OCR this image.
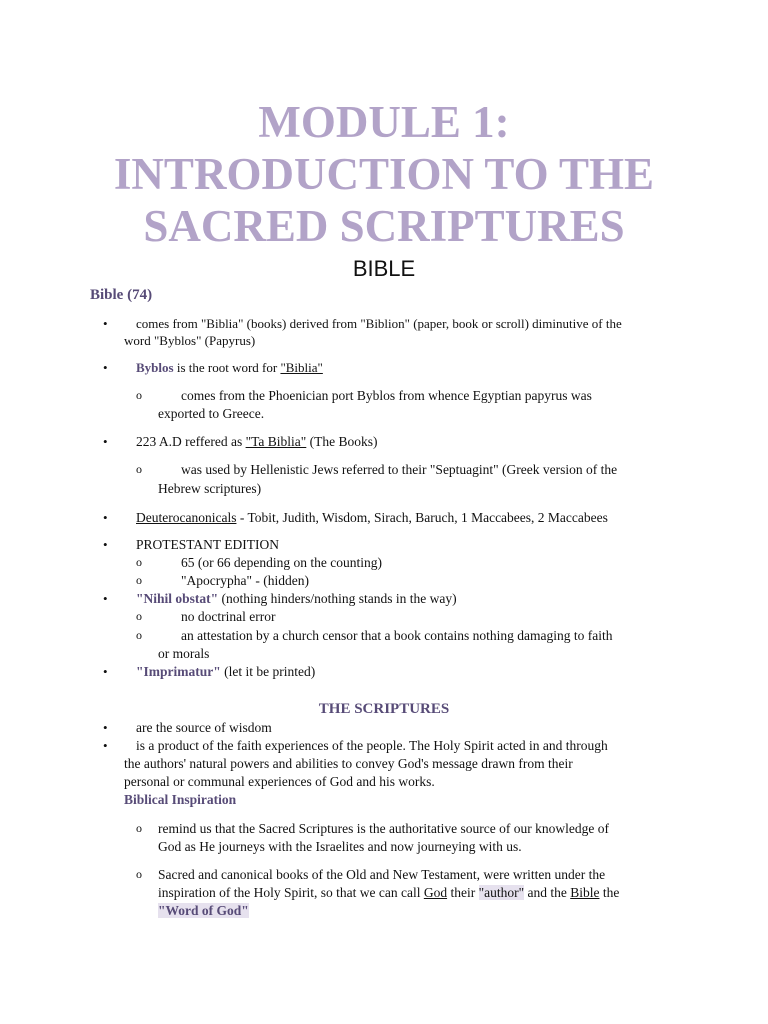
MODULE 1:
INTRODUCTION TO THE
SACRED SCRIPTURES
BIBLE
Bible (74)
• comes from "Biblia" (books) derived from "Biblion" (paper, book or scroll) diminutive of the
word "Byblos" (Papyrus)
• Byblos is the root word for "Biblia"
o	comes from the Phoenician port Byblos from whence Egyptian papyrus was
exported to Greece.
• 223 A.D reffered as "Ta Biblia" (The Books)
o	was used by Hellenistic Jews referred to their "Septuagint" (Greek version of the
Hebrew scriptures)
• Deuterocanonicals - Tobit, Judith, Wisdom, Sirach, Baruch, 1 Maccabees, 2 Maccabees
• PROTESTANT EDITION
o	65 (or 66 depending on the counting)
o	"Apocrypha" - (hidden)
• "Nihil obstat" (nothing hinders/nothing stands in the way)
o	no doctrinal error
o	an attestation by a church censor that a book contains nothing damaging to faith
or morals
• "Imprimatur" (let it be printed)
THE SCRIPTURES
• are the source of wisdom
• is a product of the faith experiences of the people. The Holy Spirit acted in and through
the authors' natural powers and abilities to convey God's message drawn from their
personal or communal experiences of God and his works.
Biblical Inspiration
o remind us that the Sacred Scriptures is the authoritative source of our knowledge of
God as He journeys with the Israelites and now journeying with us.
o Sacred and canonical books of the Old and New Testament, were written under the
inspiration of the Holy Spirit, so that we can call God their "author" and the Bible the
"Word of God"
